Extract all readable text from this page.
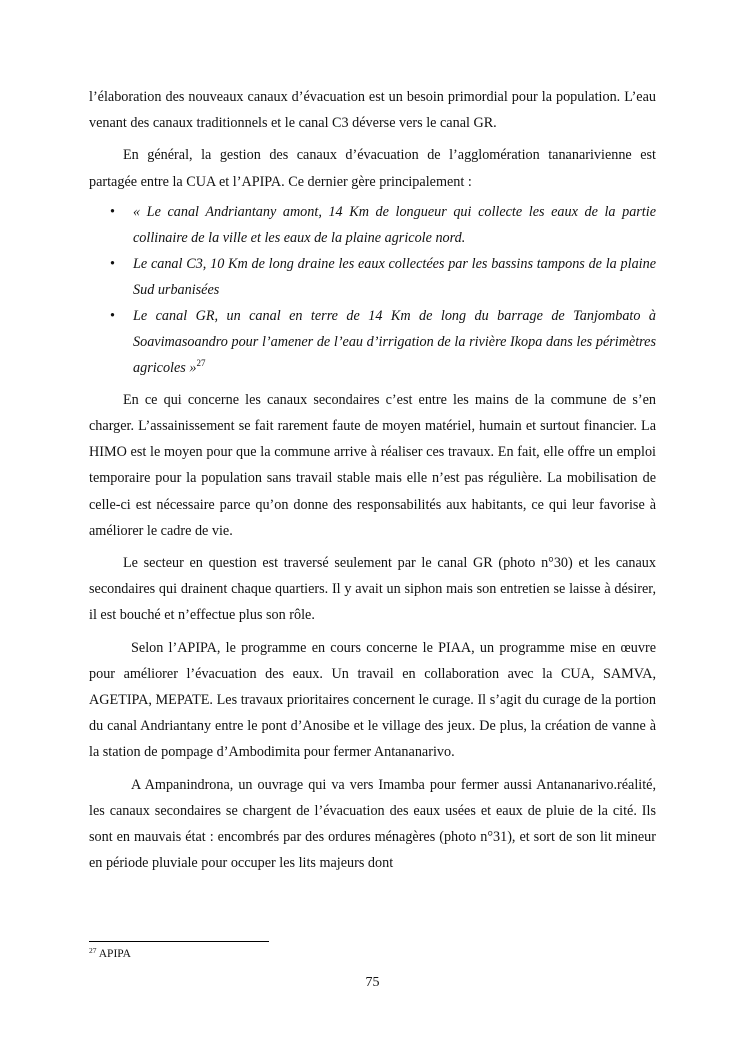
l’élaboration des nouveaux canaux d’évacuation est un besoin primordial pour la population. L’eau venant des canaux traditionnels et le canal C3 déverse vers le canal GR.

En général, la gestion des canaux d’évacuation de l’agglomération tananarivienne est partagée entre la CUA et l’APIPA. Ce dernier gère principalement :

• « Le canal Andriantany amont, 14 Km de longueur qui collecte les eaux de la partie collinaire de la ville et les eaux de la plaine agricole nord.
• Le canal C3, 10 Km de long draine les eaux collectées par les bassins tampons de la plaine Sud urbanisées
• Le canal GR, un canal en terre de 14 Km de long du barrage de Tanjombato à Soavimasoandro pour l’amener de l’eau d’irrigation de la rivière Ikopa dans les périmètres agricoles »$^{27}$

En ce qui concerne les canaux secondaires c’est entre les mains de la commune de s’en charger. L’assainissement se fait rarement faute de moyen matériel, humain et surtout financier. La HIMO est le moyen pour que la commune arrive à réaliser ces travaux. En fait, elle offre un emploi temporaire pour la population sans travail stable mais elle n’est pas régulière. La mobilisation de celle-ci est nécessaire parce qu’on donne des responsabilités aux habitants, ce qui leur favorise à améliorer le cadre de vie.

Le secteur en question est traversé seulement par le canal GR (photo n°30) et les canaux secondaires qui drainent chaque quartiers. Il y avait un siphon mais son entretien se laisse à désirer, il est bouché et n’effectue plus son rôle.

Selon l’APIPA, le programme en cours concerne le PIAA, un programme mise en œuvre pour améliorer l’évacuation des eaux. Un travail en collaboration avec la CUA, SAMVA, AGETIPA, MEPATE. Les travaux prioritaires concernent le curage. Il s’agit du curage de la portion du canal Andriantany entre le pont d’Anosibe et le village des jeux. De plus, la création de vanne à la station de pompage d’Ambodimita pour fermer Antananarivo.

A Ampanindrona, un ouvrage qui va vers Imamba pour fermer aussi Antananarivo.réalité, les canaux secondaires se chargent de l’évacuation des eaux usées et eaux de pluie de la cité. Ils sont en mauvais état : encombrés par des ordures ménagères (photo n°31), et sort de son lit mineur en période pluviale pour occuper les lits majeurs dont

$^{27}$ APIPA
75
